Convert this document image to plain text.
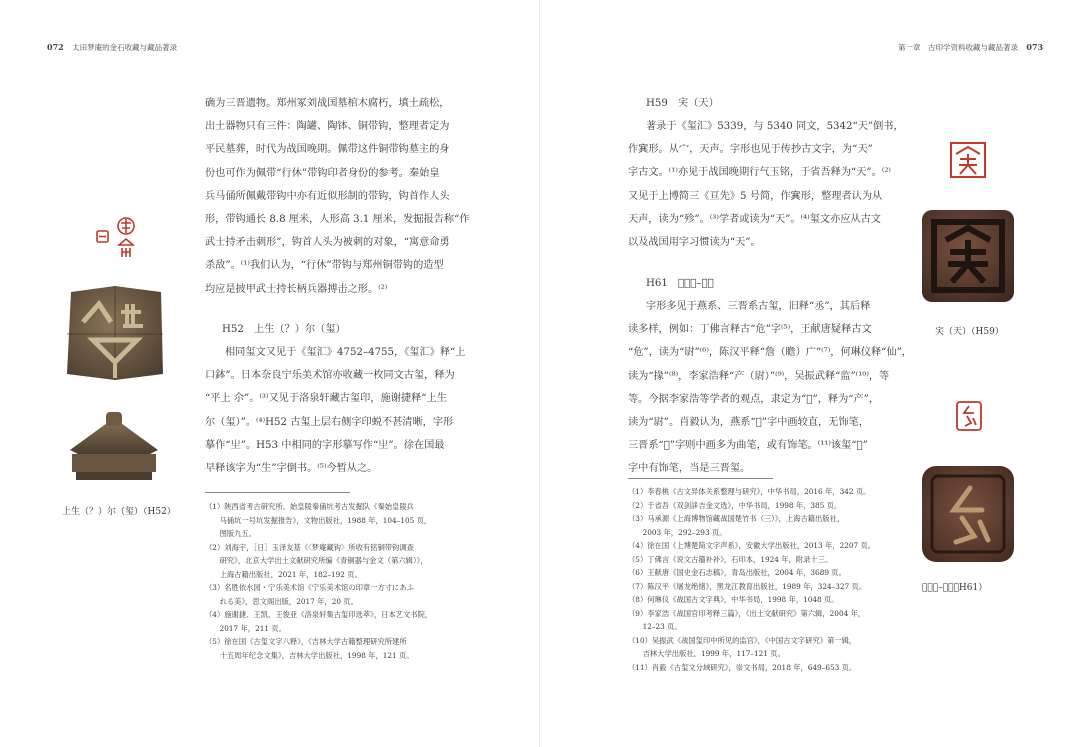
072 太田梦庵的金石收藏与藏品著录
上生（？）尔（玺）（H52）
确为三晋遗物。郑州冢刘战国墓棺木腐朽，填土疏松，
出土器物只有三件：陶罐、陶钵、铜带钩，整理者定为
平民墓葬，时代为战国晚期。佩带这件铜带钩墓主的身
份也可作为佩带“行休”带钩印者身份的参考。秦始皇
兵马俑所佩戴带钩中亦有近似形制的带钩，钩首作人头
形，带钩通长 8.8 厘米，人形高 3.1 厘米，发掘报告称“作
武士持矛击刺形”，钩首人头为被刺的对象，“寓意命勇
杀敌”。⁽¹⁾我们认为，“行休”带钩与郑州铜带钩的造型
均应是披甲武士持长柄兵器搏击之形。⁽²⁾
H52　上生（？）尔（玺）
相同玺文又见于《玺汇》4752–4755，《玺汇》释“上
口鉢”。日本奈良宁乐美术馆亦收藏一枚同文古玺，释为
“平上 尒”。⁽³⁾又见于洛泉轩藏古玺印，施谢捷释“上生
尔（玺）”。⁽⁴⁾H52 古玺上层右侧字印蜕不甚清晰，字形
摹作“𤯓”。H53 中相同的字形摹写作“𤯓”。徐在国最
早释该字为“生”字倒书。⁽⁵⁾今暂从之。
（1）陕西省考古研究所、始皇陵秦俑坑考古发掘队《秦始皇陵兵
　　马俑坑一号坑发掘报告》，文物出版社，1988 年，104–105 页，
　　图版九五。
（2）刘海宇，［日］玉泽友基《〈梦庵藏钩〉所收有铭铜带钩调查
　　研究》，北京大学出土文献研究所编《青铜器与金文（第六辑）》，
　　上海古籍出版社，2021 年，182–192 页。
（3）名胜依水园・宁乐美术馆《宁乐美术馆の印章一方寸にあふ
　　れる美》，思文阁出版，2017 年，20 页。
（4）施谢捷、王凯、王俊亚《洛泉轩集古玺印选萃》，日本艺文书院，
　　2017 年，211 页。
（5）徐在国《古玺文字八释》，《吉林大学古籍整理研究所建所
　　十五周年纪念文集》，吉林大学出版社，1998 年，121 页。
第一章　古印学资料收藏与藏品著录 073
H59　宎（天）
著录于《玺汇》5339，与 5340 同文，5342“天”倒书，
作𡨄形。从宀，天声。字形也见于传抄古文字，为“天”
字古文。⁽¹⁾亦见于战国晚期行气玉铭，于省吾释为“天”。⁽²⁾
又见于上博简三《亘先》5 号简，作𡨄形，整理者认为从
天声，读为“殄”。⁽³⁾学者或读为“天”。⁽⁴⁾玺文亦应从古文
以及战国用字习惯读为“天”。
H61　𠨖（产–尉）
字形多见于燕系、三晋系古玺，旧释“丞”，其后释
读多样，例如：丁佛言释古“危”字⁽⁵⁾，王献唐疑释古文
“危”，读为“尉”⁽⁶⁾，陈汉平释“詹（瞻）广”⁽⁷⁾，何琳仪释“仙”，
读为“掾”⁽⁸⁾，李家浩释“产（尉）”⁽⁹⁾，吴振武释“监”⁽¹⁰⁾，等
等。今据李家浩等学者的观点，隶定为“𠨖”，释为“产”，
读为“尉”。肖毅认为，燕系“𠨖”字中画较直，无饰笔，
三晋系“𠨖”字则中画多为曲笔，或有饰笔。⁽¹¹⁾该玺“𠨖”
字中有饰笔，当是三晋玺。
（1）李春桃《古文异体关系整理与研究》，中华书局，2016 年，342 页。
（2）于省吾《双剑誃吉金文选》，中华书局，1998 年，385 页。
（3）马承源《上海博物馆藏战国楚竹书（三）》，上海古籍出版社，
　　2003 年，292–293 页。
（4）徐在国《上博楚简文字声系》，安徽大学出版社，2013 年，2207 页。
（5）丁佛言《说文古籀补补》，石印本，1924 年，附录十三。
（6）王献唐《国史金石志稿》，青岛出版社，2004 年，3689 页。
（7）陈汉平《屠龙绝绪》，黑龙江教育出版社，1989 年，324–327 页。
（8）何琳仪《战国古文字典》，中华书局，1998 年，1048 页。
（9）李家浩《战国官印考释三篇》，《出土文献研究》第六辑，2004 年，
　　12–23 页。
（10）吴振武《战国玺印中所见的监官》，《中国古文字研究》第一辑，
　　吉林大学出版社，1999 年，117–121 页。
（11）肖毅《古玺文分域研究》，崇文书局，2018 年，649–653 页。
宎（天）（H59）
𠨖（产–尉）（H61）
